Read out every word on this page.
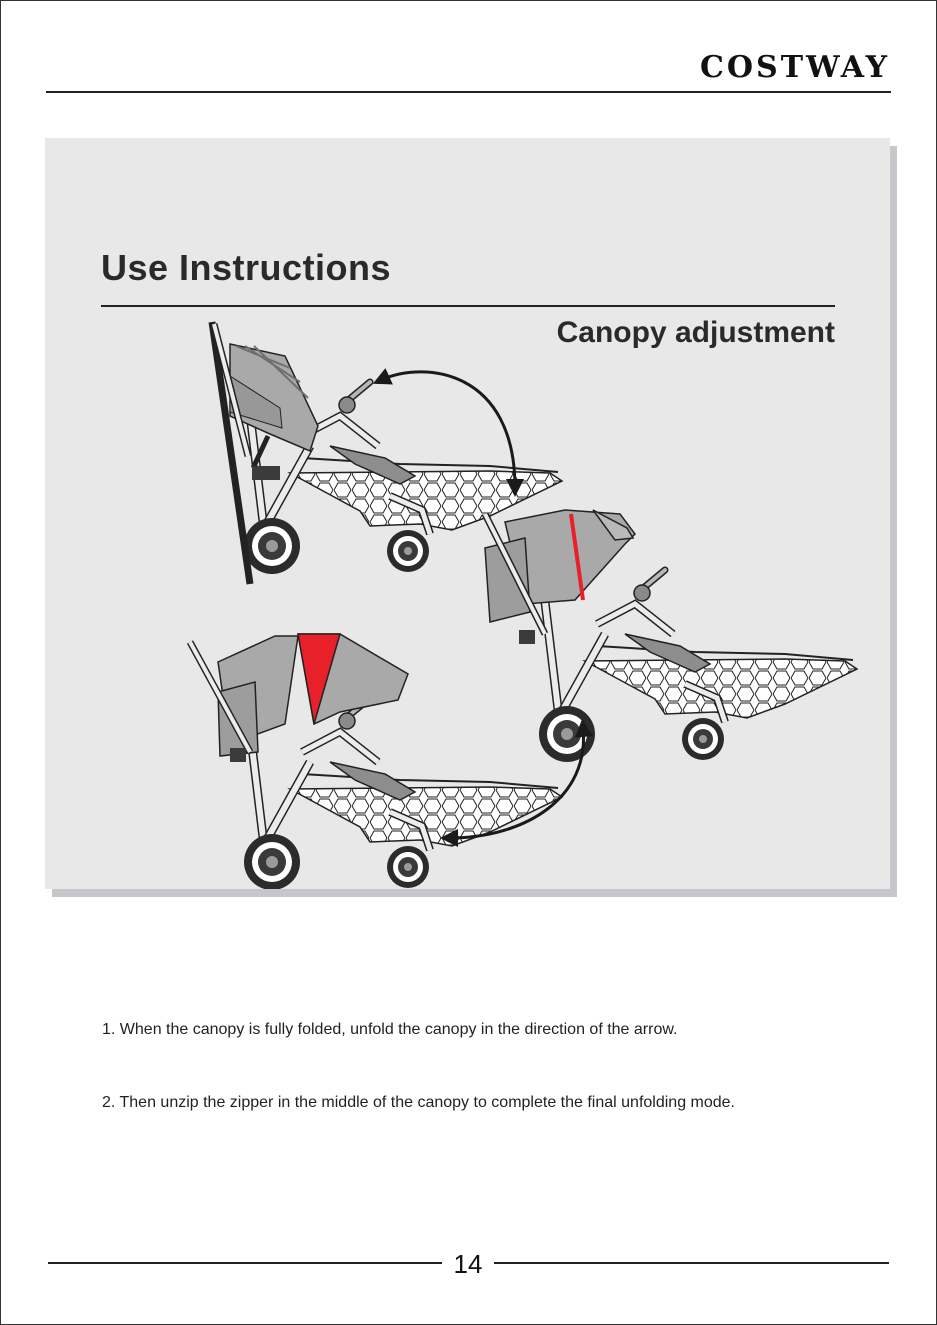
COSTWAY
Use Instructions
Canopy adjustment
1. When the canopy is fully folded, unfold the canopy in the direction of the arrow.
2. Then unzip the zipper in the middle of the canopy to complete the final unfolding mode.
14
